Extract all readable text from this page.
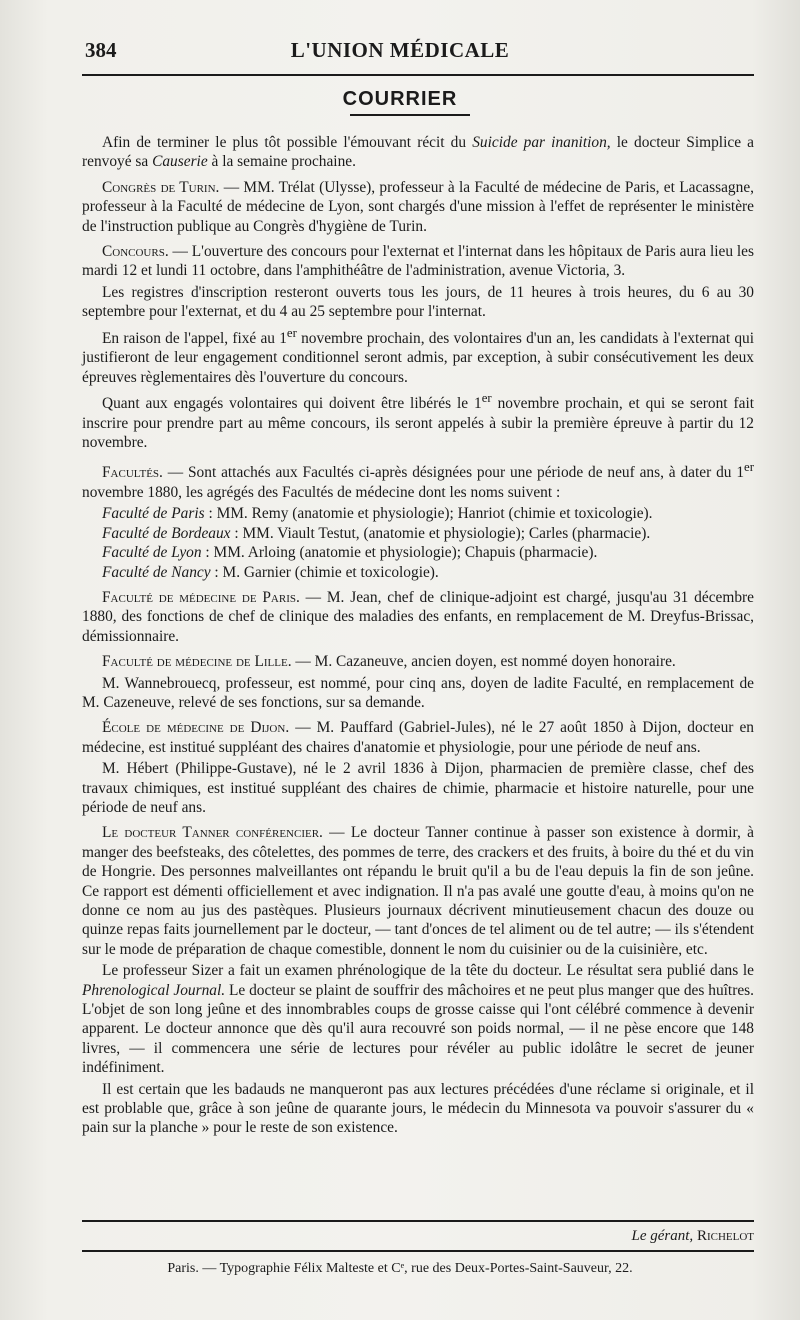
384	L'UNION MÉDICALE
COURRIER

Afin de terminer le plus tôt possible l'émouvant récit du Suicide par inanition, le docteur Simplice a renvoyé sa Causerie à la semaine prochaine.

Congrès de Turin. — MM. Trélat (Ulysse), professeur à la Faculté de médecine de Paris, et Lacassagne, professeur à la Faculté de médecine de Lyon, sont chargés d'une mission à l'effet de représenter le ministère de l'instruction publique au Congrès d'hygiène de Turin.

Concours. — L'ouverture des concours pour l'externat et l'internat dans les hôpitaux de Paris aura lieu les mardi 12 et lundi 11 octobre, dans l'amphithéâtre de l'administration, avenue Victoria, 3.

Les registres d'inscription resteront ouverts tous les jours, de 11 heures à trois heures, du 6 au 30 septembre pour l'externat, et du 4 au 25 septembre pour l'internat.

En raison de l'appel, fixé au 1er novembre prochain, des volontaires d'un an, les candidats à l'externat qui justifieront de leur engagement conditionnel seront admis, par exception, à subir consécutivement les deux épreuves règlementaires dès l'ouverture du concours.

Quant aux engagés volontaires qui doivent être libérés le 1er novembre prochain, et qui se seront fait inscrire pour prendre part au même concours, ils seront appelés à subir la première épreuve à partir du 12 novembre.

Facultés. — Sont attachés aux Facultés ci-après désignées pour une période de neuf ans, à dater du 1er novembre 1880, les agrégés des Facultés de médecine dont les noms suivent :

Faculté de Paris : MM. Remy (anatomie et physiologie); Hanriot (chimie et toxicologie).

Faculté de Bordeaux : MM. Viault Testut, (anatomie et physiologie); Carles (pharmacie).

Faculté de Lyon : MM. Arloing (anatomie et physiologie); Chapuis (pharmacie).

Faculté de Nancy : M. Garnier (chimie et toxicologie).

Faculté de médecine de Paris. — M. Jean, chef de clinique-adjoint est chargé, jusqu'au 31 décembre 1880, des fonctions de chef de clinique des maladies des enfants, en remplacement de M. Dreyfus-Brissac, démissionnaire.

Faculté de médecine de Lille. — M. Cazaneuve, ancien doyen, est nommé doyen honoraire.

M. Wannebrouecq, professeur, est nommé, pour cinq ans, doyen de ladite Faculté, en remplacement de M. Cazeneuve, relevé de ses fonctions, sur sa demande.

École de médecine de Dijon. — M. Pauffard (Gabriel-Jules), né le 27 août 1850 à Dijon, docteur en médecine, est institué suppléant des chaires d'anatomie et physiologie, pour une période de neuf ans.

M. Hébert (Philippe-Gustave), né le 2 avril 1836 à Dijon, pharmacien de première classe, chef des travaux chimiques, est institué suppléant des chaires de chimie, pharmacie et histoire naturelle, pour une période de neuf ans.

Le docteur Tanner conférencier. — Le docteur Tanner continue à passer son existence à dormir, à manger des beefsteaks, des côtelettes, des pommes de terre, des crackers et des fruits, à boire du thé et du vin de Hongrie. Des personnes malveillantes ont répandu le bruit qu'il a bu de l'eau depuis la fin de son jeûne. Ce rapport est démenti officiellement et avec indignation. Il n'a pas avalé une goutte d'eau, à moins qu'on ne donne ce nom au jus des pastèques. Plusieurs journaux décrivent minutieusement chacun des douze ou quinze repas faits journellement par le docteur, — tant d'onces de tel aliment ou de tel autre; — ils s'étendent sur le mode de préparation de chaque comestible, donnent le nom du cuisinier ou de la cuisinière, etc.

Le professeur Sizer a fait un examen phrénologique de la tête du docteur. Le résultat sera publié dans le Phrenological Journal. Le docteur se plaint de souffrir des mâchoires et ne peut plus manger que des huîtres. L'objet de son long jeûne et des innombrables coups de grosse caisse qui l'ont célébré commence à devenir apparent. Le docteur annonce que dès qu'il aura recouvré son poids normal, — il ne pèse encore que 148 livres, — il commencera une série de lectures pour révéler au public idolâtre le secret de jeuner indéfiniment.

Il est certain que les badauds ne manqueront pas aux lectures précédées d'une réclame si originale, et il est problable que, grâce à son jeûne de quarante jours, le médecin du Minnesota va pouvoir s'assurer du « pain sur la planche » pour le reste de son existence.

Le gérant, Richelot
Paris. — Typographie Félix Malteste et Cᵉ, rue des Deux-Portes-Saint-Sauveur, 22.
